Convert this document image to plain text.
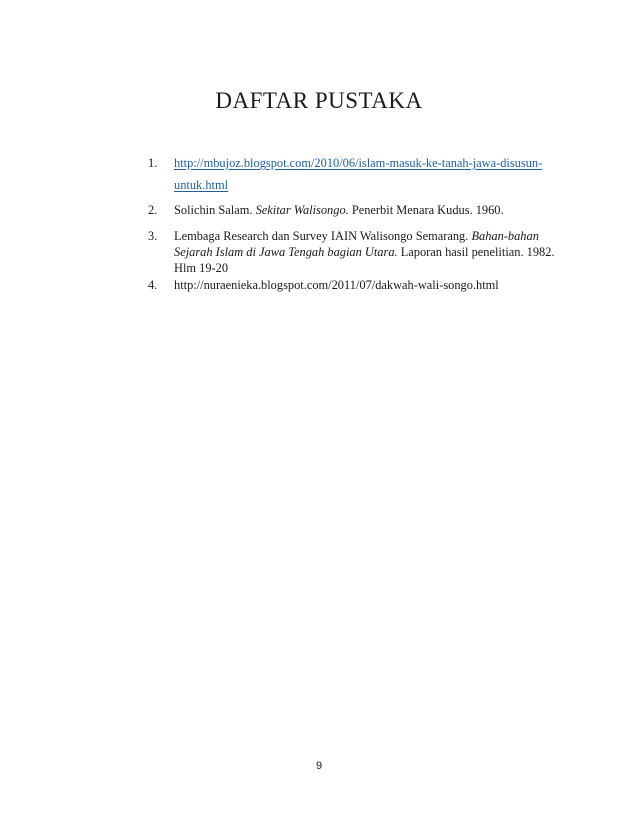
DAFTAR PUSTAKA
1. http://mbujoz.blogspot.com/2010/06/islam-masuk-ke-tanah-jawa-disusun-
untuk.html
2. Solichin Salam. Sekitar Walisongo. Penerbit Menara Kudus. 1960.
3. Lembaga Research dan Survey IAIN Walisongo Semarang. Bahan-bahan Sejarah Islam di Jawa Tengah bagian Utara. Laporan hasil penelitian. 1982. Hlm 19-20
4. http://nuraenieka.blogspot.com/2011/07/dakwah-wali-songo.html
9
